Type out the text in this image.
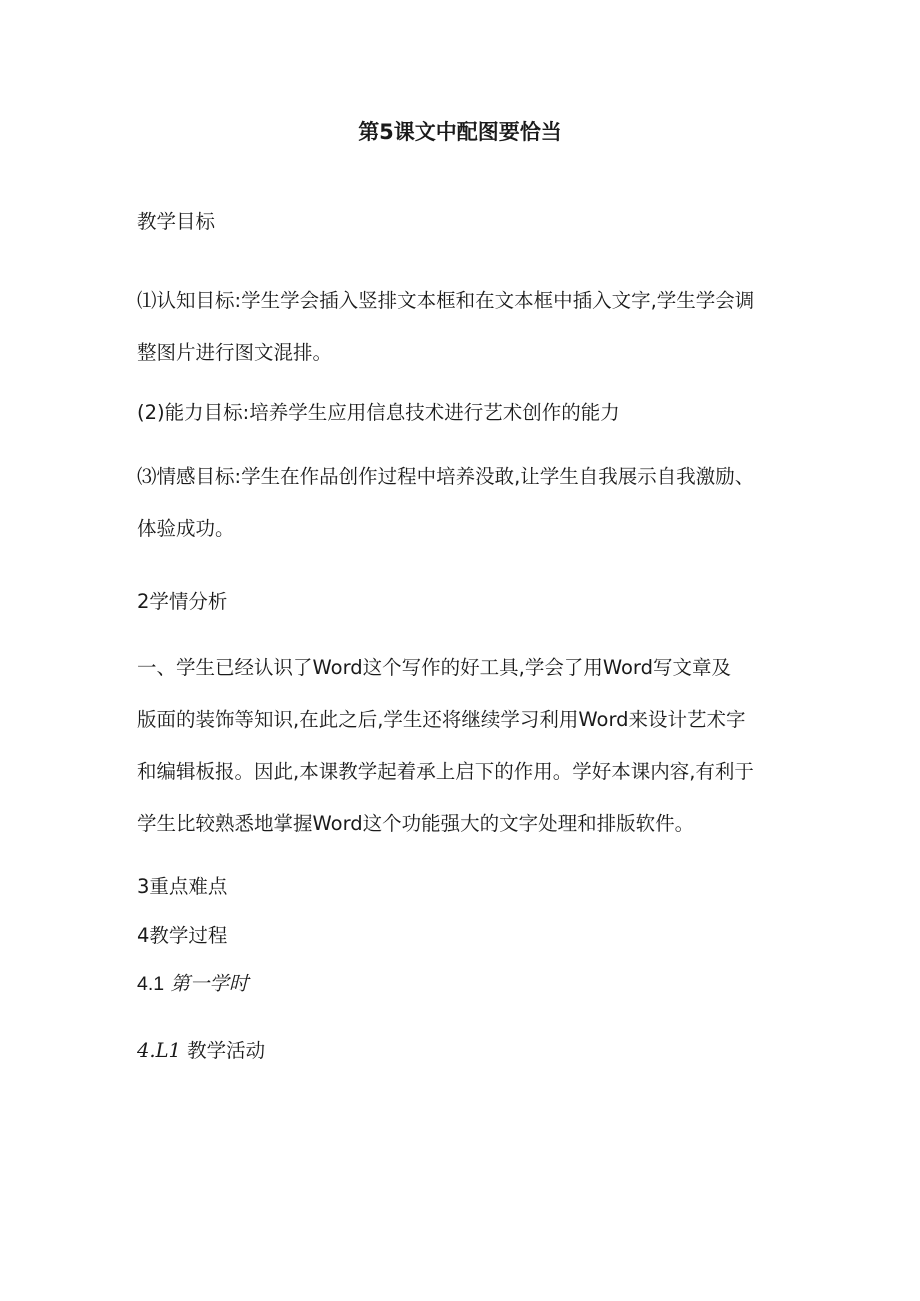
第5课文中配图要恰当
教学目标
⑴认知目标:学生学会插入竖排文本框和在文本框中插入文字,学生学会调
整图片进行图文混排。
(2)能力目标:培养学生应用信息技术进行艺术创作的能力
⑶情感目标:学生在作品创作过程中培养没敢,让学生自我展示自我激励、
体验成功。
2学情分析
一、学生已经认识了Word这个写作的好工具,学会了用Word写文章及
版面的装饰等知识,在此之后,学生还将继续学习利用Word来设计艺术字
和编辑板报。因此,本课教学起着承上启下的作用。学好本课内容,有利于
学生比较熟悉地掌握Word这个功能强大的文字处理和排版软件。
3重点难点
4教学过程
4.1 第一学时
4.L1 教学活动
